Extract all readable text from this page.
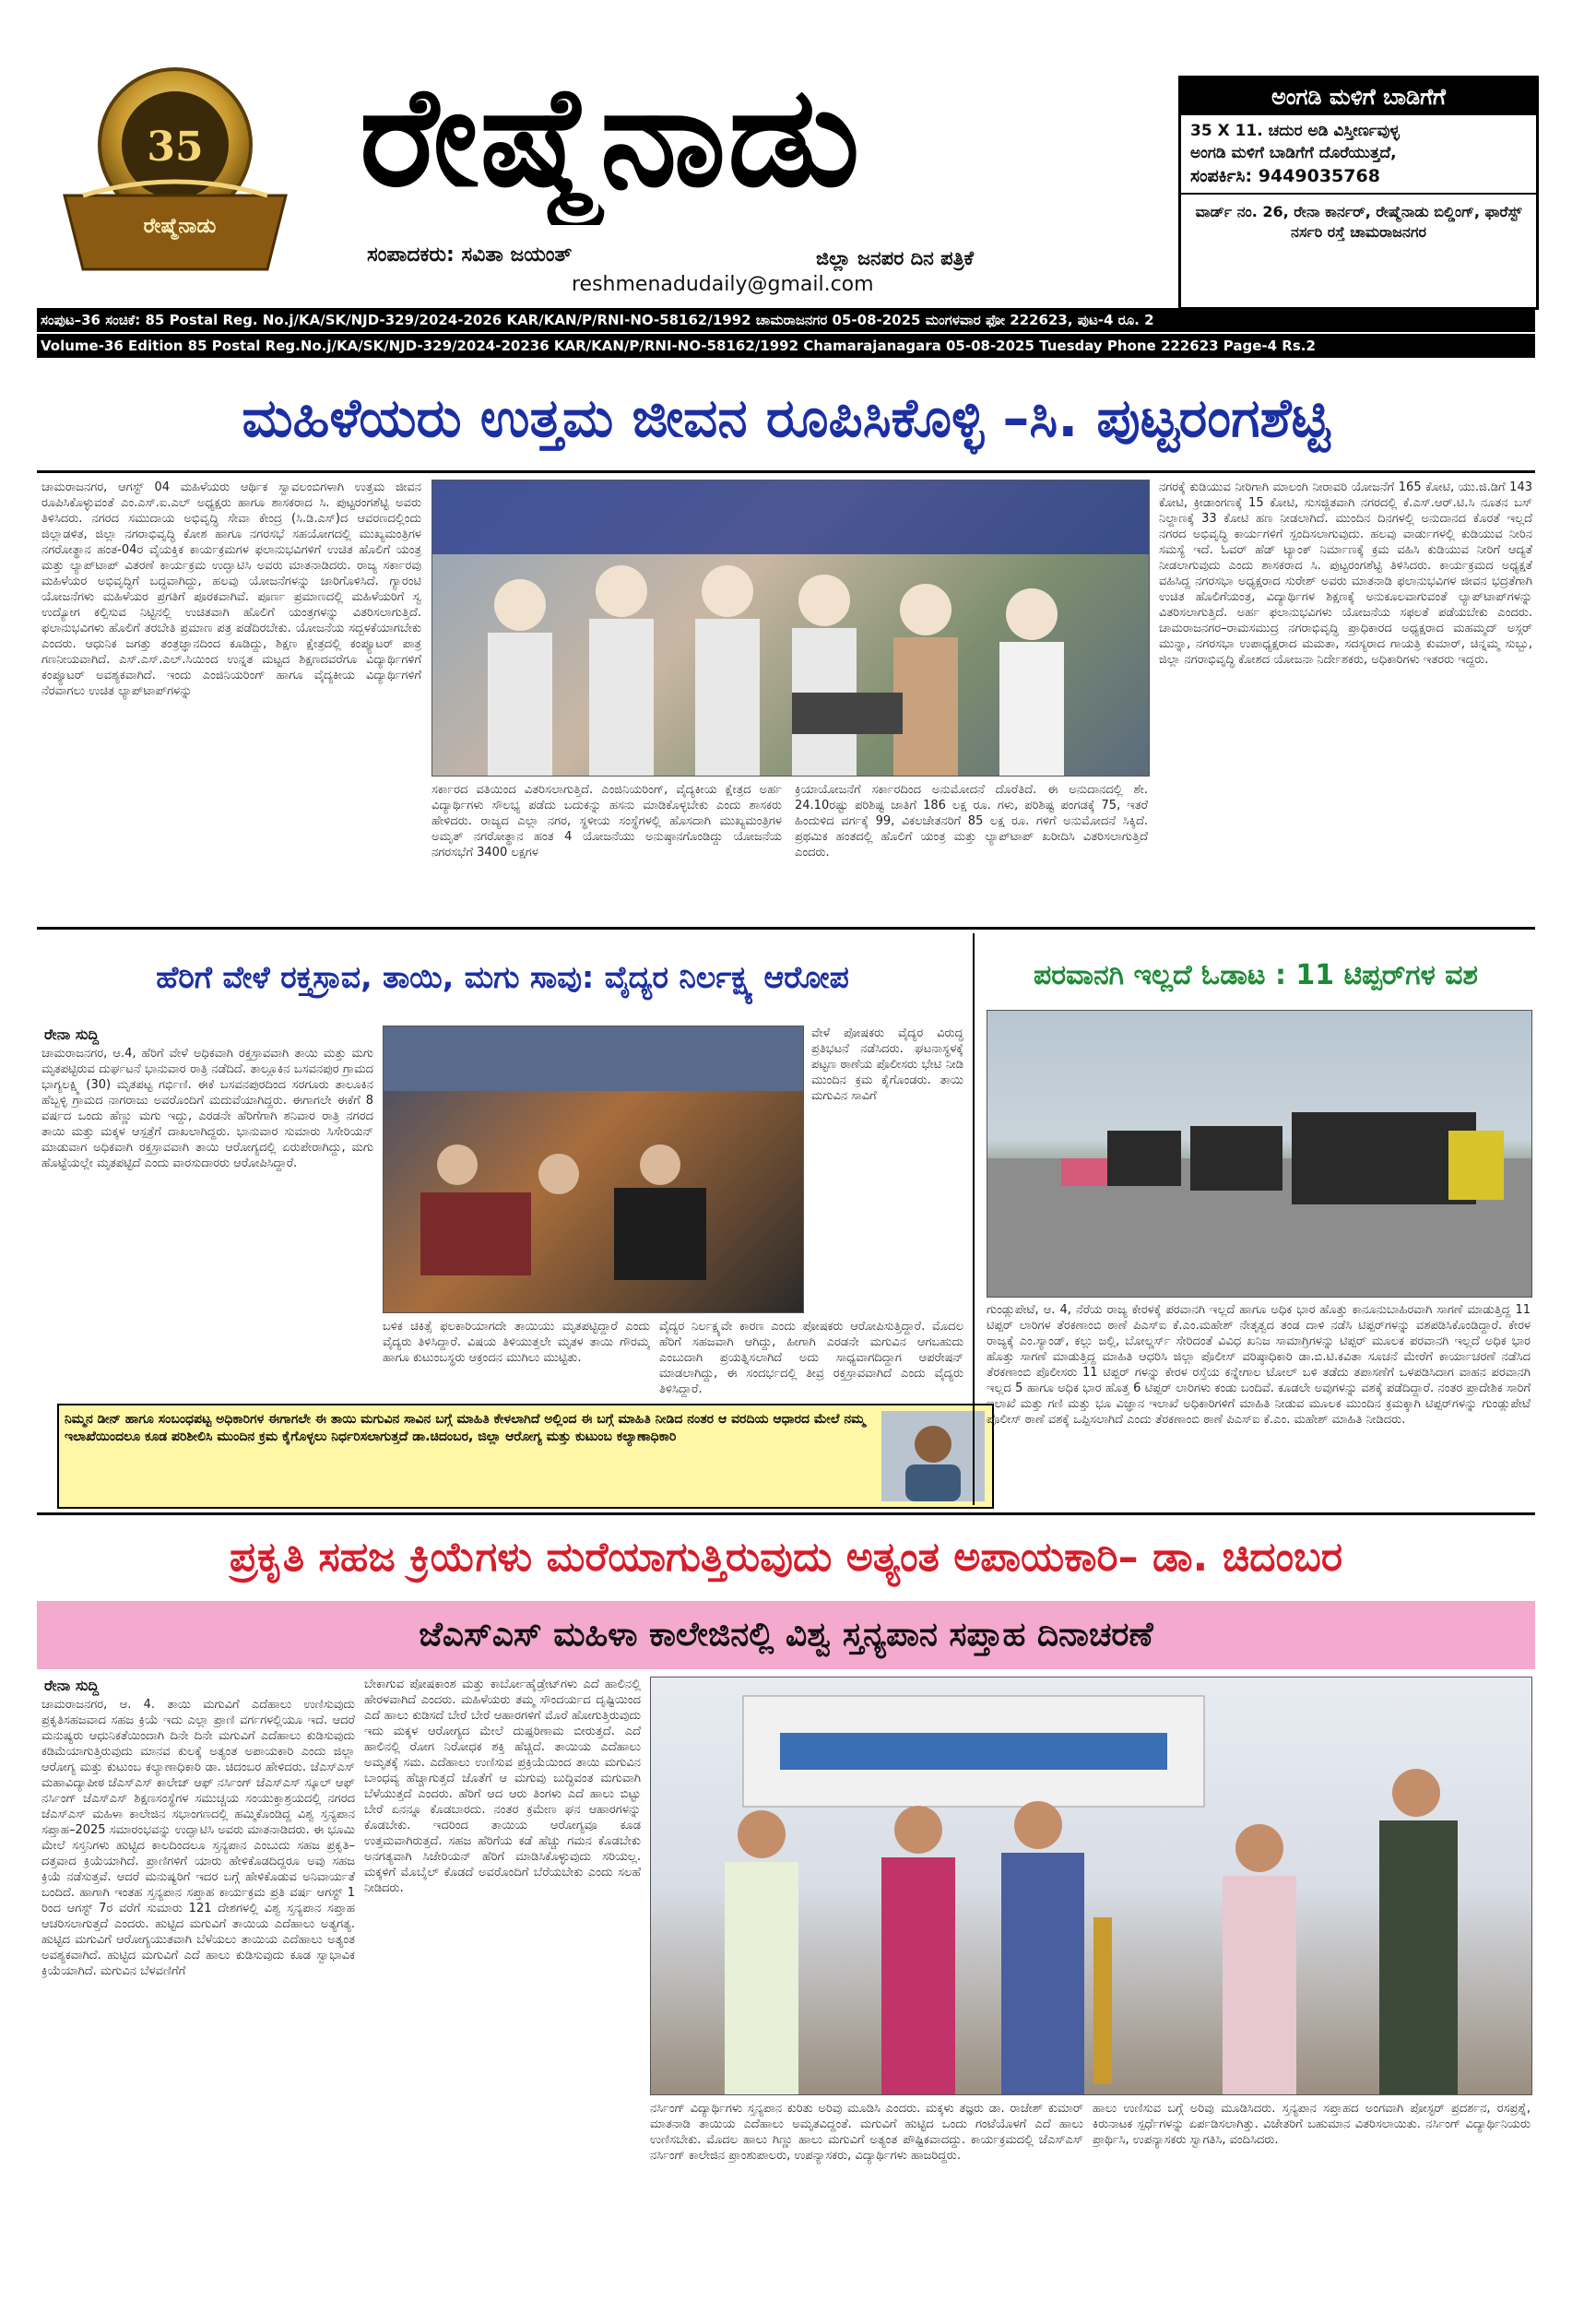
35
ರೇಷ್ಮೆನಾಡು
ರೇಷ್ಮೆನಾಡು
ಸಂಪಾದಕರು: ಸವಿತಾ ಜಯಂತ್	ಜಿಲ್ಲಾ ಜನಪರ ದಿನ ಪತ್ರಿಕೆ
reshmenadudaily@gmail.com
ಅಂಗಡಿ ಮಳಿಗೆ ಬಾಡಿಗೆಗೆ
35 X 11. ಚದುರ ಅಡಿ ವಿಸ್ತೀರ್ಣವುಳ್ಳ
ಅಂಗಡಿ ಮಳಿಗೆ ಬಾಡಿಗೆಗೆ ದೊರೆಯುತ್ತದೆ,
ಸಂಪರ್ಕಿಸಿ: 9449035768
ವಾರ್ಡ್ ನಂ. 26, ರೇನಾ ಕಾರ್ನರ್, ರೇಷ್ಮೆನಾಡು ಬಿಲ್ಡಿಂಗ್, ಫಾರೆಸ್ಟ್ ನರ್ಸರಿ ರಸ್ತೆ ಚಾಮರಾಜನಗರ
ಸಂಪುಟ–36 ಸಂಚಿಕೆ: 85 Postal Reg. No.j/KA/SK/NJD-329/2024-2026 KAR/KAN/P/RNI-NO-58162/1992 ಚಾಮರಾಜನಗರ 05-08-2025 ಮಂಗಳವಾರ ಫೋ 222623, ಪುಟ-4 ರೂ. 2
Volume-36 Edition 85 Postal Reg.No.j/KA/SK/NJD-329/2024-20236 KAR/KAN/P/RNI-NO-58162/1992 Chamarajanagara 05-08-2025 Tuesday Phone 222623 Page-4 Rs.2
ಮಹಿಳೆಯರು ಉತ್ತಮ ಜೀವನ ರೂಪಿಸಿಕೊಳ್ಳಿ –ಸಿ. ಪುಟ್ಟರಂಗಶೆಟ್ಟಿ
ಚಾಮರಾಜನಗರ, ಆಗಸ್ಟ್ 04 ಮಹಿಳೆಯರು ಆರ್ಥಿಕ ಸ್ವಾವಲಂಬಿಗಳಾಗಿ ಉತ್ತಮ ಜೀವನ ರೂಪಿಸಿಕೊಳ್ಳುವಂತೆ ಎಂ.ಎಸ್.ಐ.ಎಲ್ ಅಧ್ಯಕ್ಷರು ಹಾಗೂ ಶಾಸಕರಾದ ಸಿ. ಪುಟ್ಟರಂಗಶೆಟ್ಟಿ ಅವರು ತಿಳಿಸಿದರು. ನಗರದ ಸಮುದಾಯ ಅಭಿವೃದ್ಧಿ ಸೇವಾ ಕೇಂದ್ರ (ಸಿ.ಡಿ.ಎಸ್)ದ ಆವರಣದಲ್ಲಿಂದು ಜಿಲ್ಲಾಡಳಿತ, ಜಿಲ್ಲಾ ನಗರಾಭಿವೃದ್ಧಿ ಕೋಶ ಹಾಗೂ ನಗರಸಭೆ ಸಹಯೋಗದಲ್ಲಿ ಮುಖ್ಯಮಂತ್ರಿಗಳ ನಗರೋತ್ಥಾನ ಹಂತ-04ರ ವೈಯಕ್ತಿಕ ಕಾರ್ಯಕ್ರಮಗಳ ಫಲಾನುಭವಿಗಳಿಗೆ ಉಚಿತ ಹೊಲಿಗೆ ಯಂತ್ರ ಮತ್ತು ಲ್ಯಾಪ್‌ಟಾಪ್ ವಿತರಣೆ ಕಾರ್ಯಕ್ರಮ ಉದ್ಘಾಟಿಸಿ ಅವರು ಮಾತನಾಡಿದರು. ರಾಜ್ಯ ಸರ್ಕಾರವು ಮಹಿಳೆಯರ ಅಭಿವೃದ್ಧಿಗೆ ಬದ್ಧವಾಗಿದ್ದು, ಹಲವು ಯೋಜನೆಗಳನ್ನು ಜಾರಿಗೊಳಿಸಿದೆ. ಗ್ಯಾರಂಟಿ ಯೋಜನೆಗಳು ಮಹಿಳೆಯರ ಪ್ರಗತಿಗೆ ಪೂರಕವಾಗಿವೆ. ಪೂರ್ಣ ಪ್ರಮಾಣದಲ್ಲಿ ಮಹಿಳೆಯರಿಗೆ ಸ್ವ ಉದ್ಯೋಗ ಕಲ್ಪಿಸುವ ನಿಟ್ಟಿನಲ್ಲಿ ಉಚಿತವಾಗಿ ಹೊಲಿಗೆ ಯಂತ್ರಗಳನ್ನು ವಿತರಿಸಲಾಗುತ್ತಿದೆ. ಫಲಾನುಭವಿಗಳು ಹೊಲಿಗೆ ತರಬೇತಿ ಪ್ರಮಾಣ ಪತ್ರ ಪಡೆದಿರಬೇಕು. ಯೋಜನೆಯ ಸದ್ಬಳಕೆಯಾಗಬೇಕು ಎಂದರು. ಆಧುನಿಕ ಜಗತ್ತು ತಂತ್ರಜ್ಞಾನದಿಂದ ಕೂಡಿದ್ದು, ಶಿಕ್ಷಣ ಕ್ಷೇತ್ರದಲ್ಲಿ ಕಂಪ್ಯೂಟರ್ ಪಾತ್ರ ಗಣನೀಯವಾಗಿದೆ. ಎಸ್.ಎಸ್.ಎಲ್.ಸಿಯಿಂದ ಉನ್ನತ ಮಟ್ಟದ ಶಿಕ್ಷಣದವರೆಗೂ ವಿದ್ಯಾರ್ಥಿಗಳಿಗೆ ಕಂಪ್ಯೂಟರ್ ಅವಶ್ಯಕವಾಗಿದೆ. ಇಂದು ಎಂಜಿನಿಯರಿಂಗ್ ಹಾಗೂ ವೈದ್ಯಕೀಯ ವಿದ್ಯಾರ್ಥಿಗಳಿಗೆ ನೆರವಾಗಲು ಉಚಿತ ಲ್ಯಾಪ್‌ಟಾಪ್‌ಗಳನ್ನು
ಸರ್ಕಾರದ ವತಿಯಿಂದ ವಿತರಿಸಲಾಗುತ್ತಿದೆ. ಎಂಜಿನಿಯರಿಂಗ್, ವೈದ್ಯಕೀಯ ಕ್ಷೇತ್ರದ ಅರ್ಹ ವಿದ್ಯಾರ್ಥಿಗಳು ಸೌಲಭ್ಯ ಪಡೆದು ಬದುಕನ್ನು ಹಸನು ಮಾಡಿಕೊಳ್ಳಬೇಕು ಎಂದು ಶಾಸಕರು ಹೇಳಿದರು. ರಾಜ್ಯದ ಎಲ್ಲಾ ನಗರ, ಸ್ಥಳೀಯ ಸಂಸ್ಥೆಗಳಲ್ಲಿ ಹೊಸದಾಗಿ ಮುಖ್ಯಮಂತ್ರಿಗಳ ಅಮೃತ್ ನಗರೋತ್ಥಾನ ಹಂತ 4 ಯೋಜನೆಯು ಅನುಷ್ಠಾನಗೊಂಡಿದ್ದು ಯೋಜನೆಯ ನಗರಸಭೆಗೆ 3400 ಲಕ್ಷಗಳ
ಕ್ರಿಯಾಯೋಜನೆಗೆ ಸರ್ಕಾರದಿಂದ ಅನುಮೋದನೆ ದೊರೆತಿದೆ. ಈ ಅನುದಾನದಲ್ಲಿ ಶೇ. 24.10ರಷ್ಟು ಪರಿಶಿಷ್ಟ ಜಾತಿಗೆ 186 ಲಕ್ಷ ರೂ. ಗಳು, ಪರಿಶಿಷ್ಟ ಪಂಗಡಕ್ಕೆ 75, ಇತರೆ ಹಿಂದುಳಿದ ವರ್ಗಕ್ಕೆ 99, ವಿಕಲಚೇತನರಿಗೆ 85 ಲಕ್ಷ ರೂ. ಗಳಿಗೆ ಅನುಮೋದನೆ ಸಿಕ್ಕಿದೆ. ಪ್ರಥಮಿಕ ಹಂತದಲ್ಲಿ ಹೊಲಿಗೆ ಯಂತ್ರ ಮತ್ತು ಲ್ಯಾಪ್‌ಟಾಪ್ ಖರೀದಿಸಿ ವಿತರಿಸಲಾಗುತ್ತಿದೆ ಎಂದರು.
ನಗರಕ್ಕೆ ಕುಡಿಯುವ ನೀರಿಗಾಗಿ ಮಾಲಂಗಿ ನೀರಾವರಿ ಯೋಜನೆಗೆ 165 ಕೋಟಿ, ಯು.ಜಿ.ಡಿಗೆ 143 ಕೋಟಿ, ಕ್ರೀಡಾಂಗಣಕ್ಕೆ 15 ಕೋಟಿ, ಸುಸಜ್ಜಿತವಾಗಿ ನಗರದಲ್ಲಿ ಕೆ.ಎಸ್.ಆರ್.ಟಿ.ಸಿ ನೂತನ ಬಸ್ ನಿಲ್ದಾಣಕ್ಕೆ 33 ಕೋಟಿ ಹಣ ನೀಡಲಾಗಿದೆ. ಮುಂದಿನ ದಿನಗಳಲ್ಲಿ ಅನುದಾನದ ಕೊರತೆ ಇಲ್ಲದೆ ನಗರದ ಅಭಿವೃದ್ಧಿ ಕಾರ್ಯಗಳಿಗೆ ಸ್ಪಂದಿಸಲಾಗುವುದು. ಹಲವು ವಾರ್ಡುಗಳಲ್ಲಿ ಕುಡಿಯುವ ನೀರಿನ ಸಮಸ್ಯೆ ಇದೆ. ಓವರ್ ಹೆಡ್ ಟ್ಯಾಂಕ್ ನಿರ್ಮಾಣಕ್ಕೆ ಕ್ರಮ ವಹಿಸಿ ಕುಡಿಯುವ ನೀರಿಗೆ ಆದ್ಯತೆ ನೀಡಲಾಗುವುದು ಎಂದು ಶಾಸಕರಾದ ಸಿ. ಪುಟ್ಟರಂಗಶೆಟ್ಟಿ ತಿಳಿಸಿದರು. ಕಾರ್ಯಕ್ರಮದ ಅಧ್ಯಕ್ಷತೆ ವಹಿಸಿದ್ದ ನಗರಸಭಾ ಅಧ್ಯಕ್ಷರಾದ ಸುರೇಶ್ ಅವರು ಮಾತನಾಡಿ ಫಲಾನುಭವಿಗಳ ಜೀವನ ಭದ್ರತೆಗಾಗಿ ಉಚಿತ ಹೊಲಿಗೆಯಂತ್ರ, ವಿದ್ಯಾರ್ಥಿಗಳ ಶಿಕ್ಷಣಕ್ಕೆ ಅನುಕೂಲವಾಗುವಂತೆ ಲ್ಯಾಪ್‌ಟಾಪ್‌ಗಳನ್ನು ವಿತರಿಸಲಾಗುತ್ತಿದೆ. ಅರ್ಹ ಫಲಾನುಭವಿಗಳು ಯೋಜನೆಯ ಸಫಲತೆ ಪಡೆಯಬೇಕು ಎಂದರು. ಚಾಮರಾಜನಗರ–ರಾಮಸಮುದ್ರ ನಗರಾಭಿವೃದ್ಧಿ ಪ್ರಾಧಿಕಾರದ ಅಧ್ಯಕ್ಷರಾದ ಮಹಮ್ಮದ್ ಅಸ್ಗರ್ ಮುನ್ನಾ, ನಗರಸಭಾ ಉಪಾಧ್ಯಕ್ಷರಾದ ಮಮತಾ, ಸದಸ್ಯರಾದ ಗಾಯತ್ರಿ ಕುಮಾರ್, ಚಿನ್ನಮ್ಮ ಸುಬ್ಬು, ಜಿಲ್ಲಾ ನಗರಾಭಿವೃದ್ಧಿ ಕೋಶದ ಯೋಜನಾ ನಿರ್ದೇಶಕರು, ಅಧಿಕಾರಿಗಳು ಇತರರು ಇದ್ದರು.
ಹೆರಿಗೆ ವೇಳೆ ರಕ್ತಸ್ರಾವ, ತಾಯಿ, ಮಗು ಸಾವು: ವೈದ್ಯರ ನಿರ್ಲಕ್ಷ್ಯ ಆರೋಪ
ರೇನಾ ಸುದ್ದಿ
ಚಾಮರಾಜನಗರ, ಆ.4, ಹೆರಿಗೆ ವೇಳೆ ಅಧಿಕವಾಗಿ ರಕ್ತಸ್ರಾವವಾಗಿ ತಾಯಿ ಮತ್ತು ಮಗು ಮೃತಪಟ್ಟಿರುವ ದುರ್ಘಟನೆ ಭಾನುವಾರ ರಾತ್ರಿ ನಡೆದಿದೆ. ತಾಲ್ಲೂಕಿನ ಬಸವನಪುರ ಗ್ರಾಮದ ಭಾಗ್ಯಲಕ್ಷ್ಮಿ (30) ಮೃತಪಟ್ಟ ಗರ್ಭಿಣಿ. ಈಕೆ ಬಸವನಪುರದಿಂದ ಸರಗೂರು ತಾಲೂಕಿನ ಹೆಬ್ಬಳ್ಳಿ ಗ್ರಾಮದ ನಾಗರಾಜು ಅವರೊಂದಿಗೆ ಮದುವೆಯಾಗಿದ್ದರು. ಈಗಾಗಲೇ ಈಕೆಗೆ 8 ವರ್ಷದ ಒಂದು ಹೆಣ್ಣು ಮಗು ಇದ್ದು, ಎರಡನೇ ಹೆರಿಗೆಗಾಗಿ ಶನಿವಾರ ರಾತ್ರಿ ನಗರದ ತಾಯಿ ಮತ್ತು ಮಕ್ಕಳ ಆಸ್ಪತ್ರೆಗೆ ದಾಖಲಾಗಿದ್ದರು. ಭಾನುವಾರ ಸುಮಾರು ಸಿಸೇರಿಯನ್ ಮಾಡುವಾಗ ಅಧಿಕವಾಗಿ ರಕ್ತಸ್ರಾವವಾಗಿ ತಾಯಿ ಆರೋಗ್ಯದಲ್ಲಿ ಏರುಪೇರಾಗಿದ್ದು, ಮಗು ಹೊಟ್ಟೆಯಲ್ಲೇ ಮೃತಪಟ್ಟಿದೆ ಎಂದು ವಾರಸುದಾರರು ಆರೋಪಿಸಿದ್ದಾರೆ.
ಬಳಿಕ ಚಿಕಿತ್ಸೆ ಫಲಕಾರಿಯಾಗದೇ ತಾಯಿಯು ಮೃತಪಟ್ಟಿದ್ದಾರೆ ಎಂದು ವೈದ್ಯರು ತಿಳಿಸಿದ್ದಾರೆ. ವಿಷಯ ತಿಳಿಯುತ್ತಲೇ ಮೃತಳ ತಾಯಿ ಗೌರಮ್ಮ ಹಾಗೂ ಕುಟುಂಬಸ್ಥರು ಆಕ್ರಂದನ ಮುಗಿಲು ಮುಟ್ಟಿತು.
ವೈದ್ಯರ ನಿರ್ಲಕ್ಷ್ಯವೇ ಕಾರಣ ಎಂದು ಪೋಷಕರು ಆರೋಪಿಸುತ್ತಿದ್ದಾರೆ. ಮೊದಲ ಹೆರಿಗೆ ಸಹಜವಾಗಿ ಆಗಿದ್ದು, ಹೀಗಾಗಿ ಎರಡನೇ ಮಗುವಿನ ಆಗಬಹುದು ಎಂಬುದಾಗಿ ಪ್ರಯತ್ನಿಸಲಾಗಿದೆ ಅದು ಸಾಧ್ಯವಾಗದಿದ್ದಾಗ ಆಪರೇಷನ್ ಮಾಡಲಾಗಿದ್ದು, ಈ ಸಂದರ್ಭದಲ್ಲಿ ತೀವ್ರ ರಕ್ತಸ್ರಾವವಾಗಿದೆ ಎಂದು ವೈದ್ಯರು ತಿಳಿಸಿದ್ದಾರೆ.
ವೇಳೆ ಪೋಷಕರು ವೈದ್ಯರ ವಿರುದ್ಧ ಪ್ರತಿಭಟನೆ ನಡೆಸಿದರು. ಘಟನಾಸ್ಥಳಕ್ಕೆ ಪಟ್ಟಣ ಠಾಣೆಯ ಪೊಲೀಸರು ಭೇಟಿ ನೀಡಿ ಮುಂದಿನ ಕ್ರಮ ಕೈಗೊಂಡರು. ತಾಯಿ ಮಗುವಿನ ಸಾವಿಗೆ
ನಿಮ್ಮನ ಡೀನ್ ಹಾಗೂ ಸಂಬಂಧಪಟ್ಟ ಅಧಿಕಾರಿಗಳ ಈಗಾಗಲೇ ಈ ತಾಯಿ ಮಗುವಿನ ಸಾವಿನ ಬಗ್ಗೆ ಮಾಹಿತಿ ಕೇಳಲಾಗಿದೆ ಅಲ್ಲಿಂದ ಈ ಬಗ್ಗೆ ಮಾಹಿತಿ ನೀಡಿದ ನಂತರ ಆ ವರದಿಯ ಆಧಾರದ ಮೇಲೆ ನಮ್ಮ ಇಲಾಖೆಯಿಂದಲೂ ಕೂಡ ಪರಿಶೀಲಿಸಿ ಮುಂದಿನ ಕ್ರಮ ಕೈಗೊಳ್ಳಲು ನಿರ್ಧರಿಸಲಾಗುತ್ತದೆ ಡಾ.ಚಿದಂಬರ, ಜಿಲ್ಲಾ ಆರೋಗ್ಯ ಮತ್ತು ಕುಟುಂಬ ಕಲ್ಯಾಣಾಧಿಕಾರಿ
ಪರವಾನಗಿ ಇಲ್ಲದೆ ಓಡಾಟ : 11 ಟಿಪ್ಪರ್‌ಗಳ ವಶ
ಗುಂಡ್ಲುಪೇಟೆ, ಆ. 4, ನೆರೆಯ ರಾಜ್ಯ ಕೇರಳಕ್ಕೆ ಪರವಾನಗಿ ಇಲ್ಲದೆ ಹಾಗೂ ಅಧಿಕ ಭಾರ ಹೊತ್ತು ಕಾನೂನುಬಾಹಿರವಾಗಿ ಸಾಗಣೆ ಮಾಡುತ್ತಿದ್ದ 11 ಟಿಪ್ಪರ್ ಲಾರಿಗಳ ತೆರಕಣಾಂಬಿ ಠಾಣೆ ಪಿಎಸ್‌ಐ ಕೆ.ಎಂ.ಮಹೇಶ್ ನೇತೃತ್ವದ ತಂಡ ದಾಳಿ ನಡೆಸಿ ಟಿಪ್ಪರ್‌ಗಳನ್ನು ವಶಪಡಿಸಿಕೊಂಡಿದ್ದಾರೆ. ಕೇರಳ ರಾಜ್ಯಕ್ಕೆ ಎಂ.ಸ್ಯಾಂಡ್, ಕಲ್ಲು ಜಲ್ಲಿ, ಬೋಲ್ಡರ್ಸ್ ಸೇರಿದಂತೆ ವಿವಿಧ ಖನಿಜ ಸಾಮಾಗ್ರಿಗಳನ್ನು ಟಿಪ್ಪರ್ ಮೂಲಕ ಪರವಾನಗಿ ಇಲ್ಲದೆ ಅಧಿಕ ಭಾರ ಹೊತ್ತು ಸಾಗಣೆ ಮಾಡುತ್ತಿದ್ದ ಮಾಹಿತಿ ಆಧರಿಸಿ ಜಿಲ್ಲಾ ಪೊಲೀಸ್ ವರಿಷ್ಠಾಧಿಕಾರಿ ಡಾ.ಬಿ.ಟಿ.ಕವಿತಾ ಸೂಚನೆ ಮೇರೆಗೆ ಕಾರ್ಯಾಚರಣೆ ನಡೆಸಿದ ತೆರಕಣಾಂಬಿ ಪೊಲೀಸರು 11 ಟಿಪ್ಪರ್ ಗಳನ್ನು ಕೇರಳ ರಸ್ತೆಯ ಕನ್ನೇಗಾಲ ಟೋಲ್ ಬಳಿ ತಡೆದು ತಪಾಸಣೆಗೆ ಒಳಪಡಿಸಿದಾಗ ವಾಹನ ಪರವಾನಗಿ ಇಲ್ಲದ 5 ಹಾಗೂ ಅಧಿಕ ಭಾರ ಹೊತ್ತ 6 ಟಿಪ್ಪರ್ ಲಾರಿಗಳು ಕಂಡು ಬಂದಿವೆ. ಕೂಡಲೇ ಅವುಗಳನ್ನು ವಶಕ್ಕೆ ಪಡೆದಿದ್ದಾರೆ. ನಂತರ ಪ್ರಾದೇಶಿಕ ಸಾರಿಗೆ ಇಲಾಖೆ ಮತ್ತು ಗಣಿ ಮತ್ತು ಭೂ ವಿಜ್ಞಾನ ಇಲಾಖೆ ಅಧಿಕಾರಿಗಳಿಗೆ ಮಾಹಿತಿ ನೀಡುವ ಮೂಲಕ ಮುಂದಿನ ಕ್ರಮಕ್ಕಾಗಿ ಟಿಪ್ಪರ್‌ಗಳನ್ನು ಗುಂಡ್ಲುಪೇಟೆ ಪೊಲೀಸ್ ಠಾಣೆ ವಶಕ್ಕೆ ಒಪ್ಪಿಸಲಾಗಿದೆ ಎಂದು ತೆರಕಣಾಂಬಿ ಠಾಣೆ ಪಿಎಸ್‌ಐ ಕೆ.ಎಂ. ಮಹೇಶ್ ಮಾಹಿತಿ ನೀಡಿದರು.
ಪ್ರಕೃತಿ ಸಹಜ ಕ್ರಿಯೆಗಳು ಮರೆಯಾಗುತ್ತಿರುವುದು ಅತ್ಯಂತ ಅಪಾಯಕಾರಿ– ಡಾ. ಚಿದಂಬರ
ಜೆಎಸ್‌ಎಸ್ ಮಹಿಳಾ ಕಾಲೇಜಿನಲ್ಲಿ ವಿಶ್ವ ಸ್ತನ್ಯಪಾನ ಸಪ್ತಾಹ ದಿನಾಚರಣೆ
ರೇನಾ ಸುದ್ದಿ
ಚಾಮರಾಜನಗರ, ಆ. 4. ತಾಯಿ ಮಗುವಿಗೆ ಎದೆಹಾಲು ಉಣಿಸುವುದು ಪ್ರಕೃತಿಸಹಜವಾದ ಸಹಜ ಕ್ರಿಯೆ ಇದು ಎಲ್ಲಾ ಪ್ರಾಣಿ ವರ್ಗಗಳಲ್ಲಿಯೂ ಇದೆ. ಆದರೆ ಮನುಷ್ಯರು ಆಧುನಿಕತೆಯಿಂದಾಗಿ ದಿನೇ ದಿನೇ ಮಗುವಿಗೆ ಎದೆಹಾಲು ಕುಡಿಸುವುದು ಕಡಿಮೆಯಾಗುತ್ತಿರುವುದು ಮಾನವ ಕುಲಕ್ಕೆ ಅತ್ಯಂತ ಅಪಾಯಕಾರಿ ಎಂದು ಜಿಲ್ಲಾ ಆರೋಗ್ಯ ಮತ್ತು ಕುಟುಂಬ ಕಲ್ಯಾಣಾಧಿಕಾರಿ ಡಾ. ಚಿದಂಬರ ಹೇಳಿದರು. ಜೆಎಸ್‌ಎಸ್ ಮಹಾವಿದ್ಯಾಪೀಠ ಜೆಎಸ್‌ಎಸ್ ಕಾಲೇಜ್ ಆಫ್ ನರ್ಸಿಂಗ್ ಜೆಎಸ್‌ಎಸ್ ಸ್ಕೂಲ್ ಆಫ್ ನರ್ಸಿಂಗ್ ಜೆಎಸ್‌ಎಸ್ ಶಿಕ್ಷಣಸಂಸ್ಥೆಗಳ ಸಮುಚ್ಚಯ ಸಂಯುಕ್ತಾಶ್ರಯದಲ್ಲಿ ನಗರದ ಜೆಎಸ್‌ಎಸ್ ಮಹಿಳಾ ಕಾಲೇಜಿನ ಸಭಾಂಗಣದಲ್ಲಿ ಹಮ್ಮಿಕೊಂಡಿದ್ದ ವಿಶ್ವ ಸ್ತನ್ಯಪಾನ ಸಪ್ತಾಹ–2025 ಸಮಾರಂಭವನ್ನು ಉದ್ಘಾಟಿಸಿ ಅವರು ಮಾತನಾಡಿದರು. ಈ ಭೂಮಿ ಮೇಲೆ ಸಸ್ತನಿಗಳು ಹುಟ್ಟಿದ ಕಾಲದಿಂದಲೂ ಸ್ತನ್ಯಪಾನ ಎಂಬುದು ಸಹಜ ಪ್ರಕೃತಿ–ದತ್ತವಾದ ಕ್ರಿಯೆಯಾಗಿದೆ. ಪ್ರಾಣಿಗಳಿಗೆ ಯಾರು ಹೇಳಿಕೊಡದಿದ್ದರೂ ಅವು ಸಹಜ ಕ್ರಿಯೆ ನಡೆಸುತ್ತವೆ. ಆದರೆ ಮನುಷ್ಯರಿಗೆ ಇದರ ಬಗ್ಗೆ ಹೇಳಿಕೊಡುವ ಅನಿವಾರ್ಯತೆ ಬಂದಿದೆ. ಹಾಗಾಗಿ ಇಂತಹ ಸ್ತನ್ಯಪಾನ ಸಪ್ತಾಹ ಕಾರ್ಯಕ್ರಮ ಪ್ರತಿ ವರ್ಷ ಆಗಸ್ಟ್ 1 ರಿಂದ ಆಗಸ್ಟ್ 7ರ ವರೆಗೆ ಸುಮಾರು 121 ದೇಶಗಳಲ್ಲಿ ವಿಶ್ವ ಸ್ತನ್ಯಪಾನ ಸಪ್ತಾಹ ಆಚರಿಸಲಾಗುತ್ತದೆ ಎಂದರು. ಹುಟ್ಟಿದ ಮಗುವಿಗೆ ತಾಯಿಯ ಎದೆಹಾಲು ಅತ್ಯಗತ್ಯ. ಹುಟ್ಟಿದ ಮಗುವಿಗೆ ಆರೋಗ್ಯಯುತವಾಗಿ ಬೆಳೆಯಲು ತಾಯಿಯ ಎದೆಹಾಲು ಅತ್ಯಂತ ಅವಶ್ಯಕವಾಗಿದೆ. ಹುಟ್ಟಿದ ಮಗುವಿಗೆ ಎದೆ ಹಾಲು ಕುಡಿಸುವುದು ಕೂಡ ಸ್ವಾಭಾವಿಕ ಕ್ರಿಯೆಯಾಗಿದೆ. ಮಗುವಿನ ಬೆಳವಣಿಗೆಗೆ
ಬೇಕಾಗುವ ಪೋಷಕಾಂಶ ಮತ್ತು ಕಾರ್ಬೋಹೈಡ್ರೇಟ್‌ಗಳು ಎದೆ ಹಾಲಿನಲ್ಲಿ ಹೇರಳವಾಗಿದೆ ಎಂದರು. ಮಹಿಳೆಯರು ತಮ್ಮ ಸೌಂದರ್ಯದ ದೃಷ್ಟಿಯಿಂದ ಎದೆ ಹಾಲು ಕುಡಿಸದೆ ಬೇರೆ ಬೇರೆ ಆಹಾರಗಳಿಗೆ ಮೊರೆ ಹೋಗುತ್ತಿರುವುದು ಇದು ಮಕ್ಕಳ ಆರೋಗ್ಯದ ಮೇಲೆ ದುಷ್ಪರಿಣಾಮ ಬೀರುತ್ತದೆ. ಎದೆ ಹಾಲಿನಲ್ಲಿ ರೋಗ ನಿರೋಧಕ ಶಕ್ತಿ ಹೆಚ್ಚಿದೆ. ತಾಯಿಯ ಎದೆಹಾಲು ಅಮೃತಕ್ಕೆ ಸಮ. ಎದೆಹಾಲು ಉಣಿಸುವ ಪ್ರಕ್ರಿಯೆಯಿಂದ ತಾಯಿ ಮಗುವಿನ ಬಾಂಧವ್ಯ ಹೆಚ್ಚಾಗುತ್ತದೆ ಜೊತೆಗೆ ಆ ಮಗುವು ಬುದ್ಧಿವಂತ ಮಗುವಾಗಿ ಬೆಳೆಯುತ್ತದೆ ಎಂದರು. ಹೆರಿಗೆ ಆದ ಆರು ತಿಂಗಳು ಎದೆ ಹಾಲು ಬಿಟ್ಟು ಬೇರೆ ಏನನ್ನೂ ಕೊಡಬಾರದು. ನಂತರ ಕ್ರಮೇಣ ಘನ ಆಹಾರಗಳನ್ನು ಕೊಡಬೇಕು. ಇದರಿಂದ ತಾಯಿಯ ಆರೋಗ್ಯವೂ ಕೂಡ ಉತ್ತಮವಾಗಿರುತ್ತದೆ. ಸಹಜ ಹೆರಿಗೆಯ ಕಡೆ ಹೆಚ್ಚು ಗಮನ ಕೊಡಬೇಕು ಅನಗತ್ಯವಾಗಿ ಸಿಜೇರಿಯನ್ ಹೆರಿಗೆ ಮಾಡಿಸಿಕೊಳ್ಳುವುದು ಸರಿಯಲ್ಲ. ಮಕ್ಕಳಿಗೆ ಮೊಬೈಲ್ ಕೊಡದೆ ಅವರೊಂದಿಗೆ ಬೆರೆಯಬೇಕು ಎಂದು ಸಲಹೆ ನೀಡಿದರು.
ನರ್ಸಿಂಗ್ ವಿದ್ಯಾರ್ಥಿಗಳು ಸ್ತನ್ಯಪಾನ ಕುರಿತು ಅರಿವು ಮೂಡಿಸಿ ಎಂದರು. ಮಕ್ಕಳು ತಜ್ಞರು ಡಾ. ರಾಜೇಶ್ ಕುಮಾರ್ ಮಾತನಾಡಿ ತಾಯಿಯ ಎದೆಹಾಲು ಅಮೃತವಿದ್ದಂತೆ. ಮಗುವಿಗೆ ಹುಟ್ಟಿದ ಒಂದು ಗಂಟೆಯೊಳಗೆ ಎದೆ ಹಾಲು ಉಣಿಸಬೇಕು. ಮೊದಲ ಹಾಲು ಗಿಣ್ಣು ಹಾಲು ಮಗುವಿಗೆ ಅತ್ಯಂತ ಪೌಷ್ಟಿಕವಾದದ್ದು. ಕಾರ್ಯಕ್ರಮದಲ್ಲಿ ಜೆಎಸ್‌ಎಸ್ ನರ್ಸಿಂಗ್ ಕಾಲೇಜಿನ ಪ್ರಾಂಶುಪಾಲರು, ಉಪನ್ಯಾಸಕರು, ವಿದ್ಯಾರ್ಥಿಗಳು ಹಾಜರಿದ್ದರು.
ಹಾಲು ಉಣಿಸುವ ಬಗ್ಗೆ ಅರಿವು ಮೂಡಿಸಿದರು. ಸ್ತನ್ಯಪಾನ ಸಪ್ತಾಹದ ಅಂಗವಾಗಿ ಪೋಸ್ಟರ್ ಪ್ರದರ್ಶನ, ರಸಪ್ರಶ್ನೆ, ಕಿರುನಾಟಕ ಸ್ಪರ್ಧೆಗಳನ್ನು ಏರ್ಪಡಿಸಲಾಗಿತ್ತು. ವಿಜೇತರಿಗೆ ಬಹುಮಾನ ವಿತರಿಸಲಾಯಿತು. ನರ್ಸಿಂಗ್ ವಿದ್ಯಾರ್ಥಿನಿಯರು ಪ್ರಾರ್ಥಿಸಿ, ಉಪನ್ಯಾಸಕರು ಸ್ವಾಗತಿಸಿ, ವಂದಿಸಿದರು.
